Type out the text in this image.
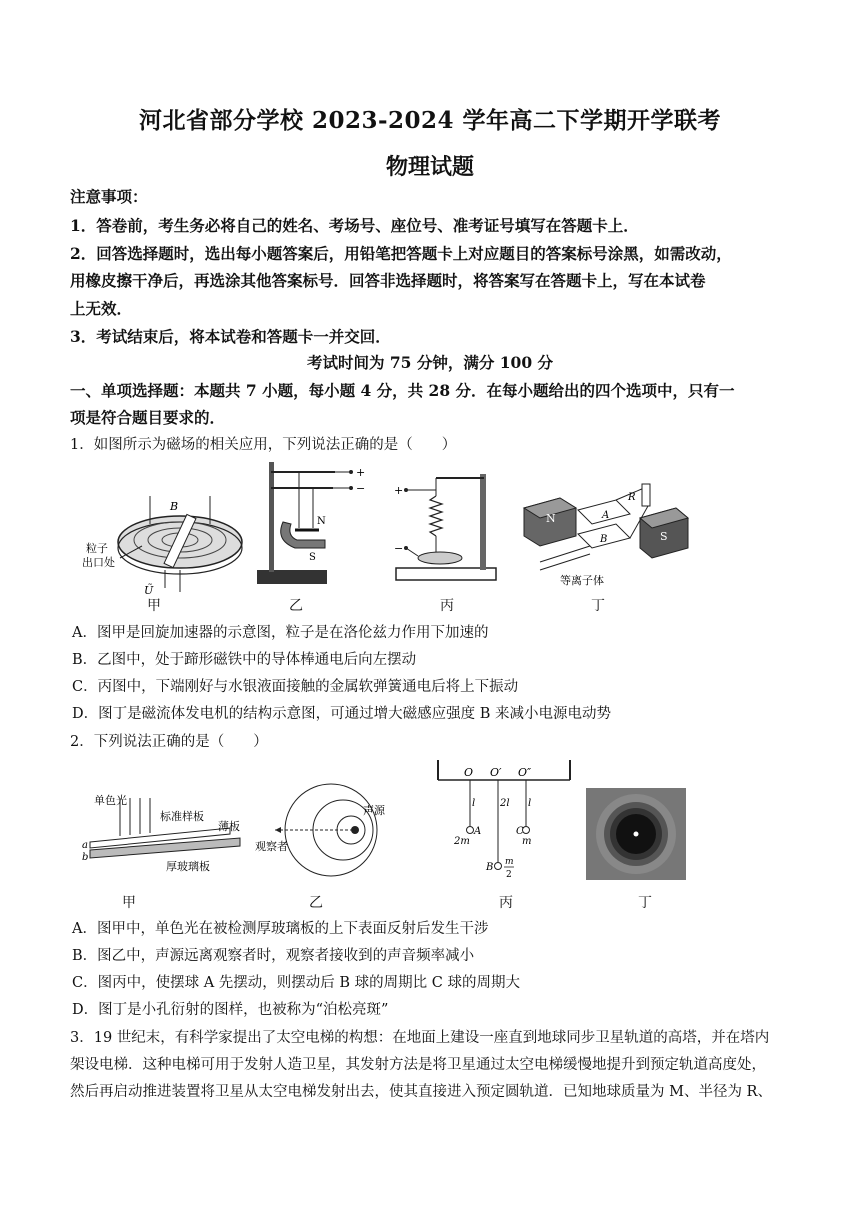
河北省部分学校 2023-2024 学年高二下学期开学联考
物理试题
注意事项：
1．答卷前，考生务必将自己的姓名、考场号、座位号、准考证号填写在答题卡上．
2．回答选择题时，选出每小题答案后，用铅笔把答题卡上对应题目的答案标号涂黑，如需改动，
用橡皮擦干净后，再选涂其他答案标号．回答非选择题时，将答案写在答题卡上，写在本试卷
上无效．
3．考试结束后，将本试卷和答题卡一并交回．
考试时间为 75 分钟，满分 100 分
一、单项选择题：本题共 7 小题，每小题 4 分，共 28 分．在每小题给出的四个选项中，只有一
项是符合题目要求的．
1．如图所示为磁场的相关应用，下列说法正确的是（　　）
B
粒子
出口处
Ũ
+
−
N
S
+
−
N	A
R
S
B
等离子体
甲	乙	丙	丁
A．图甲是回旋加速器的示意图，粒子是在洛伦兹力作用下加速的
B．乙图中，处于蹄形磁铁中的导体棒通电后向左摆动
C．丙图中，下端刚好与水银液面接触的金属软弹簧通电后将上下振动
D．图丁是磁流体发电机的结构示意图，可通过增大磁感应强度 B 来减小电源电动势
2．下列说法正确的是（　　）
单色光
标准样板
薄板
厚玻璃板
a
b
声源
观察者
O O′ O″
l 2l l
A	C
2m	m
B m
2
甲	乙	丙	丁
A．图甲中，单色光在被检测厚玻璃板的上下表面反射后发生干涉
B．图乙中，声源远离观察者时，观察者接收到的声音频率减小
C．图丙中，使摆球 A 先摆动，则摆动后 B 球的周期比 C 球的周期大
D．图丁是小孔衍射的图样，也被称为“泊松亮斑”
3．19 世纪末，有科学家提出了太空电梯的构想：在地面上建设一座直到地球同步卫星轨道的高塔，并在塔内
架设电梯．这种电梯可用于发射人造卫星，其发射方法是将卫星通过太空电梯缓慢地提升到预定轨道高度处，
然后再启动推进装置将卫星从太空电梯发射出去，使其直接进入预定圆轨道．已知地球质量为 M、半径为 R、
